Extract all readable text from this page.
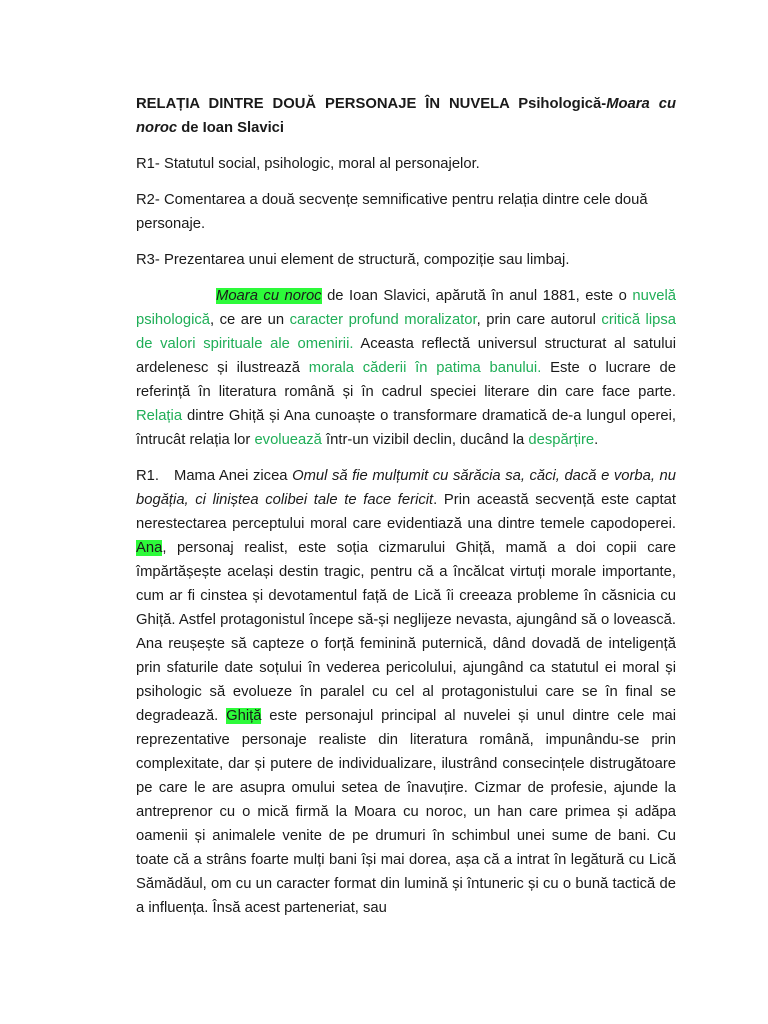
RELAȚIA DINTRE DOUĂ PERSONAJE ÎN NUVELA Psihologică-Moara cu noroc de Ioan Slavici

R1- Statutul social, psihologic, moral al personajelor.

R2- Comentarea a două secvențe semnificative pentru relația dintre cele două personaje.

R3- Prezentarea unui element de structură, compoziție sau limbaj.

Moara cu noroc de Ioan Slavici, apărută în anul 1881, este o nuvelă psihologică, ce are un caracter profund moralizator, prin care autorul critică lipsa de valori spirituale ale omenirii. Aceasta reflectă universul structurat al satului ardelenesc și ilustrează morala căderii în patima banului. Este o lucrare de referință în literatura română și în cadrul speciei literare din care face parte. Relația dintre Ghiță și Ana cunoaște o transformare dramatică de-a lungul operei, întrucât relația lor evoluează într-un vizibil declin, ducând la despărțire.

R1. Mama Anei zicea Omul să fie mulțumit cu sărăcia sa, căci, dacă e vorba, nu bogăția, ci liniștea colibei tale te face fericit. Prin această secvență este captat nerestectarea perceptului moral care evidentiază una dintre temele capodoperei. Ana, personaj realist, este soția cizmarului Ghiță, mamă a doi copii care împărtășește același destin tragic, pentru că a încălcat virtuți morale importante, cum ar fi cinstea și devotamentul față de Lică îi creeaza probleme în căsnicia cu Ghiță. Astfel protagonistul începe să-și neglijeze nevasta, ajungând să o lovească. Ana reușește să capteze o forță feminină puternică, dând dovadă de inteligență prin sfaturile date soțului în vederea pericolului, ajungând ca statutul ei moral și psihologic să evolueze în paralel cu cel al protagonistului care se în final se degradează. Ghiță este personajul principal al nuvelei și unul dintre cele mai reprezentative personaje realiste din literatura română, impunându-se prin complexitate, dar și putere de individualizare, ilustrând consecințele distrugătoare pe care le are asupra omului setea de înavuțire. Cizmar de profesie, ajunde la antreprenor cu o mică firmă la Moara cu noroc, un han care primea și adăpa oamenii și animalele venite de pe drumuri în schimbul unei sume de bani. Cu toate că a strâns foarte mulți bani își mai dorea, așa că a intrat în legătură cu Lică Sămădăul, om cu un caracter format din lumină și întuneric și cu o bună tactică de a influența. Însă acest parteneriat, sau
